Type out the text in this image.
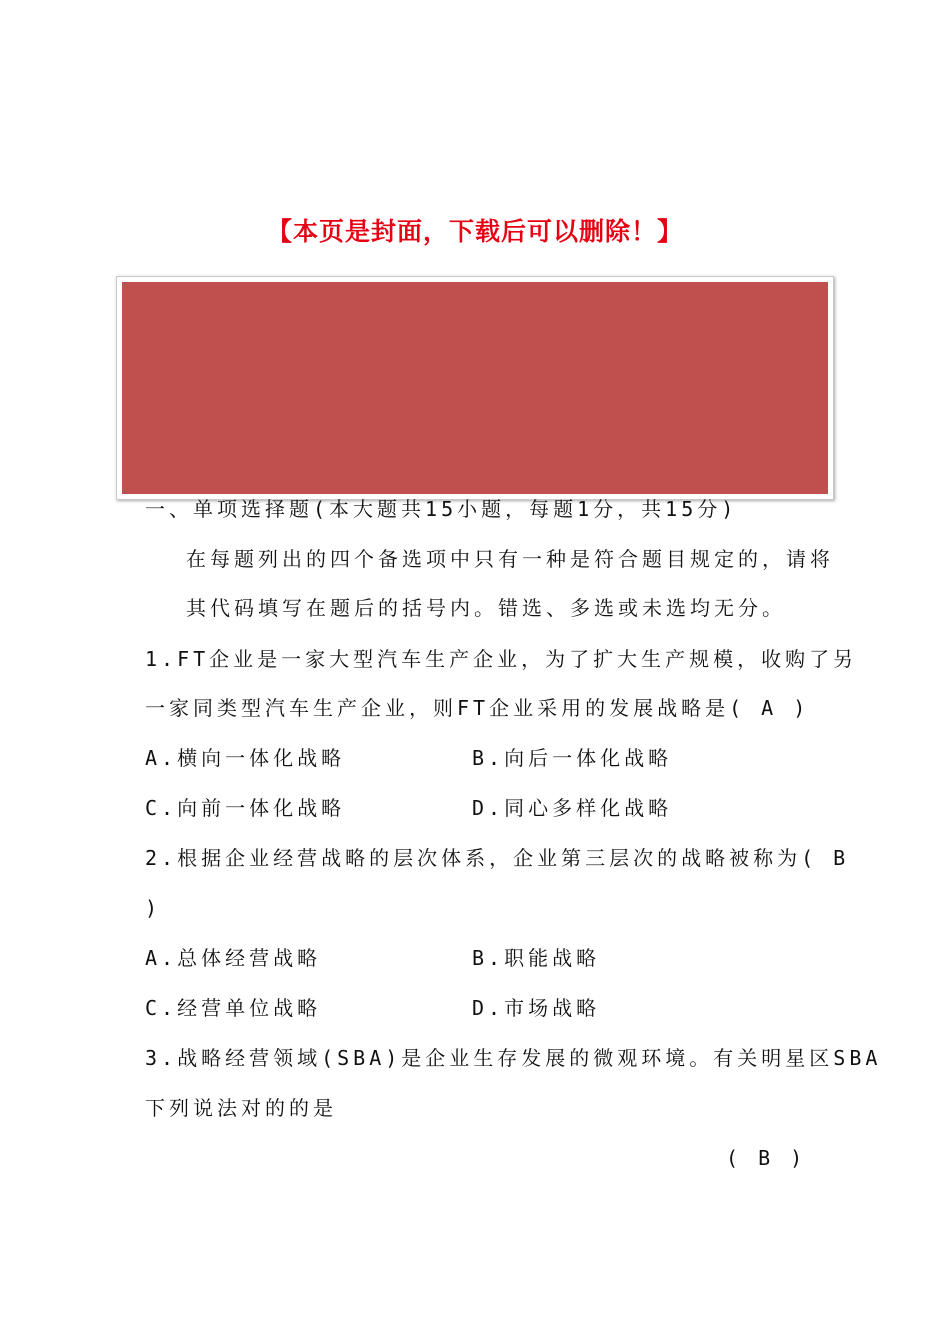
【本页是封面，下载后可以删除！】
一、单项选择题(本大题共15小题，每题1分，共15分)
在每题列出的四个备选项中只有一种是符合题目规定的，请将
其代码填写在题后的括号内。错选、多选或未选均无分。
1.FT企业是一家大型汽车生产企业，为了扩大生产规模，收购了另
一家同类型汽车生产企业，则FT企业采用的发展战略是( A )
A.横向一体化战略	B.向后一体化战略
C.向前一体化战略	D.同心多样化战略
2.根据企业经营战略的层次体系，企业第三层次的战略被称为( B
)
A.总体经营战略	B.职能战略
C.经营单位战略	D.市场战略
3.战略经营领域(SBA)是企业生存发展的微观环境。有关明星区SBA
下列说法对的的是
( B )
